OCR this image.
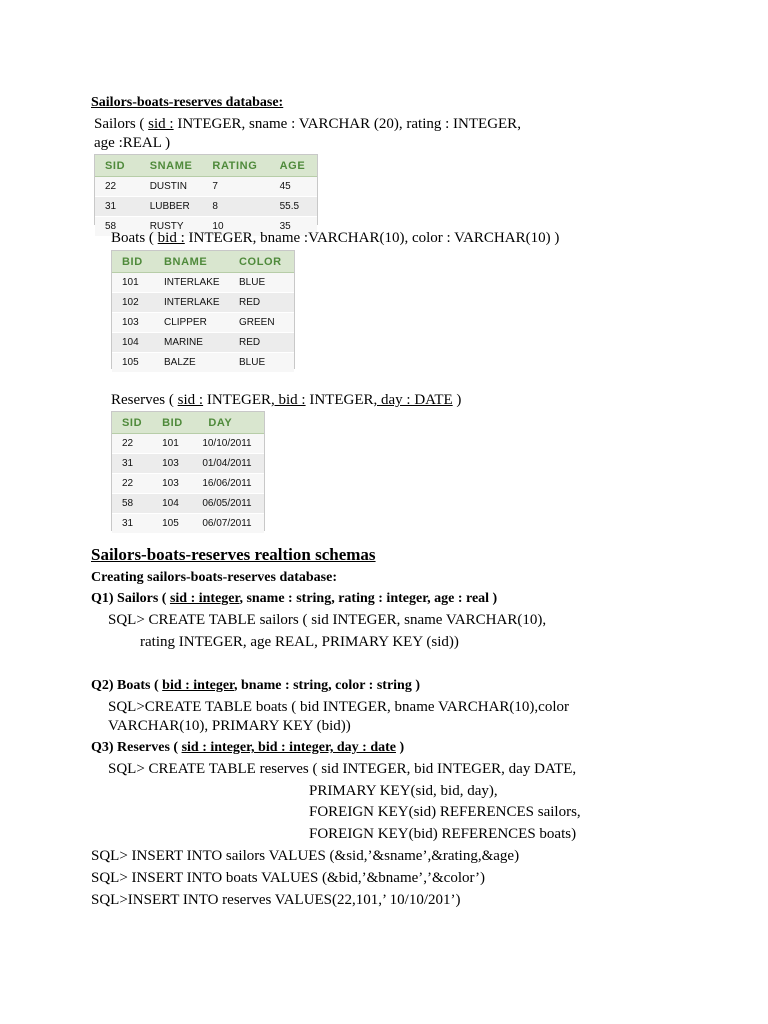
Sailors-boats-reserves database:
Sailors ( sid : INTEGER, sname : VARCHAR (20), rating : INTEGER,
age :REAL )
SID	SNAME	RATING	AGE
22	DUSTIN	7	45
31	LUBBER	8	55.5
58	RUSTY	10	35
Boats ( bid : INTEGER, bname :VARCHAR(10), color : VARCHAR(10) )
BID	BNAME	COLOR
101	INTERLAKE	BLUE
102	INTERLAKE	RED
103	CLIPPER	GREEN
104	MARINE	RED
105	BALZE	BLUE
Reserves ( sid : INTEGER, bid : INTEGER, day : DATE )
SID	BID	DAY
22	101	10/10/2011
31	103	01/04/2011
22	103	16/06/2011
58	104	06/05/2011
31	105	06/07/2011
Sailors-boats-reserves realtion schemas
Creating sailors-boats-reserves database:
Q1) Sailors ( sid : integer, sname : string, rating : integer, age : real )
SQL> CREATE TABLE sailors ( sid INTEGER, sname VARCHAR(10),
rating INTEGER, age REAL, PRIMARY KEY (sid))
Q2) Boats ( bid : integer, bname : string, color : string )
SQL>CREATE TABLE boats ( bid INTEGER, bname VARCHAR(10),color
VARCHAR(10), PRIMARY KEY (bid))
Q3) Reserves ( sid : integer, bid : integer, day : date )
SQL> CREATE TABLE reserves ( sid INTEGER, bid INTEGER, day DATE,
PRIMARY KEY(sid, bid, day),
FOREIGN KEY(sid) REFERENCES sailors,
FOREIGN KEY(bid) REFERENCES boats)
SQL> INSERT INTO sailors VALUES (&sid,’&sname’,&rating,&age)
SQL> INSERT INTO boats VALUES (&bid,’&bname’,’&color’)
SQL>INSERT INTO reserves VALUES(22,101,’ 10/10/201’)
